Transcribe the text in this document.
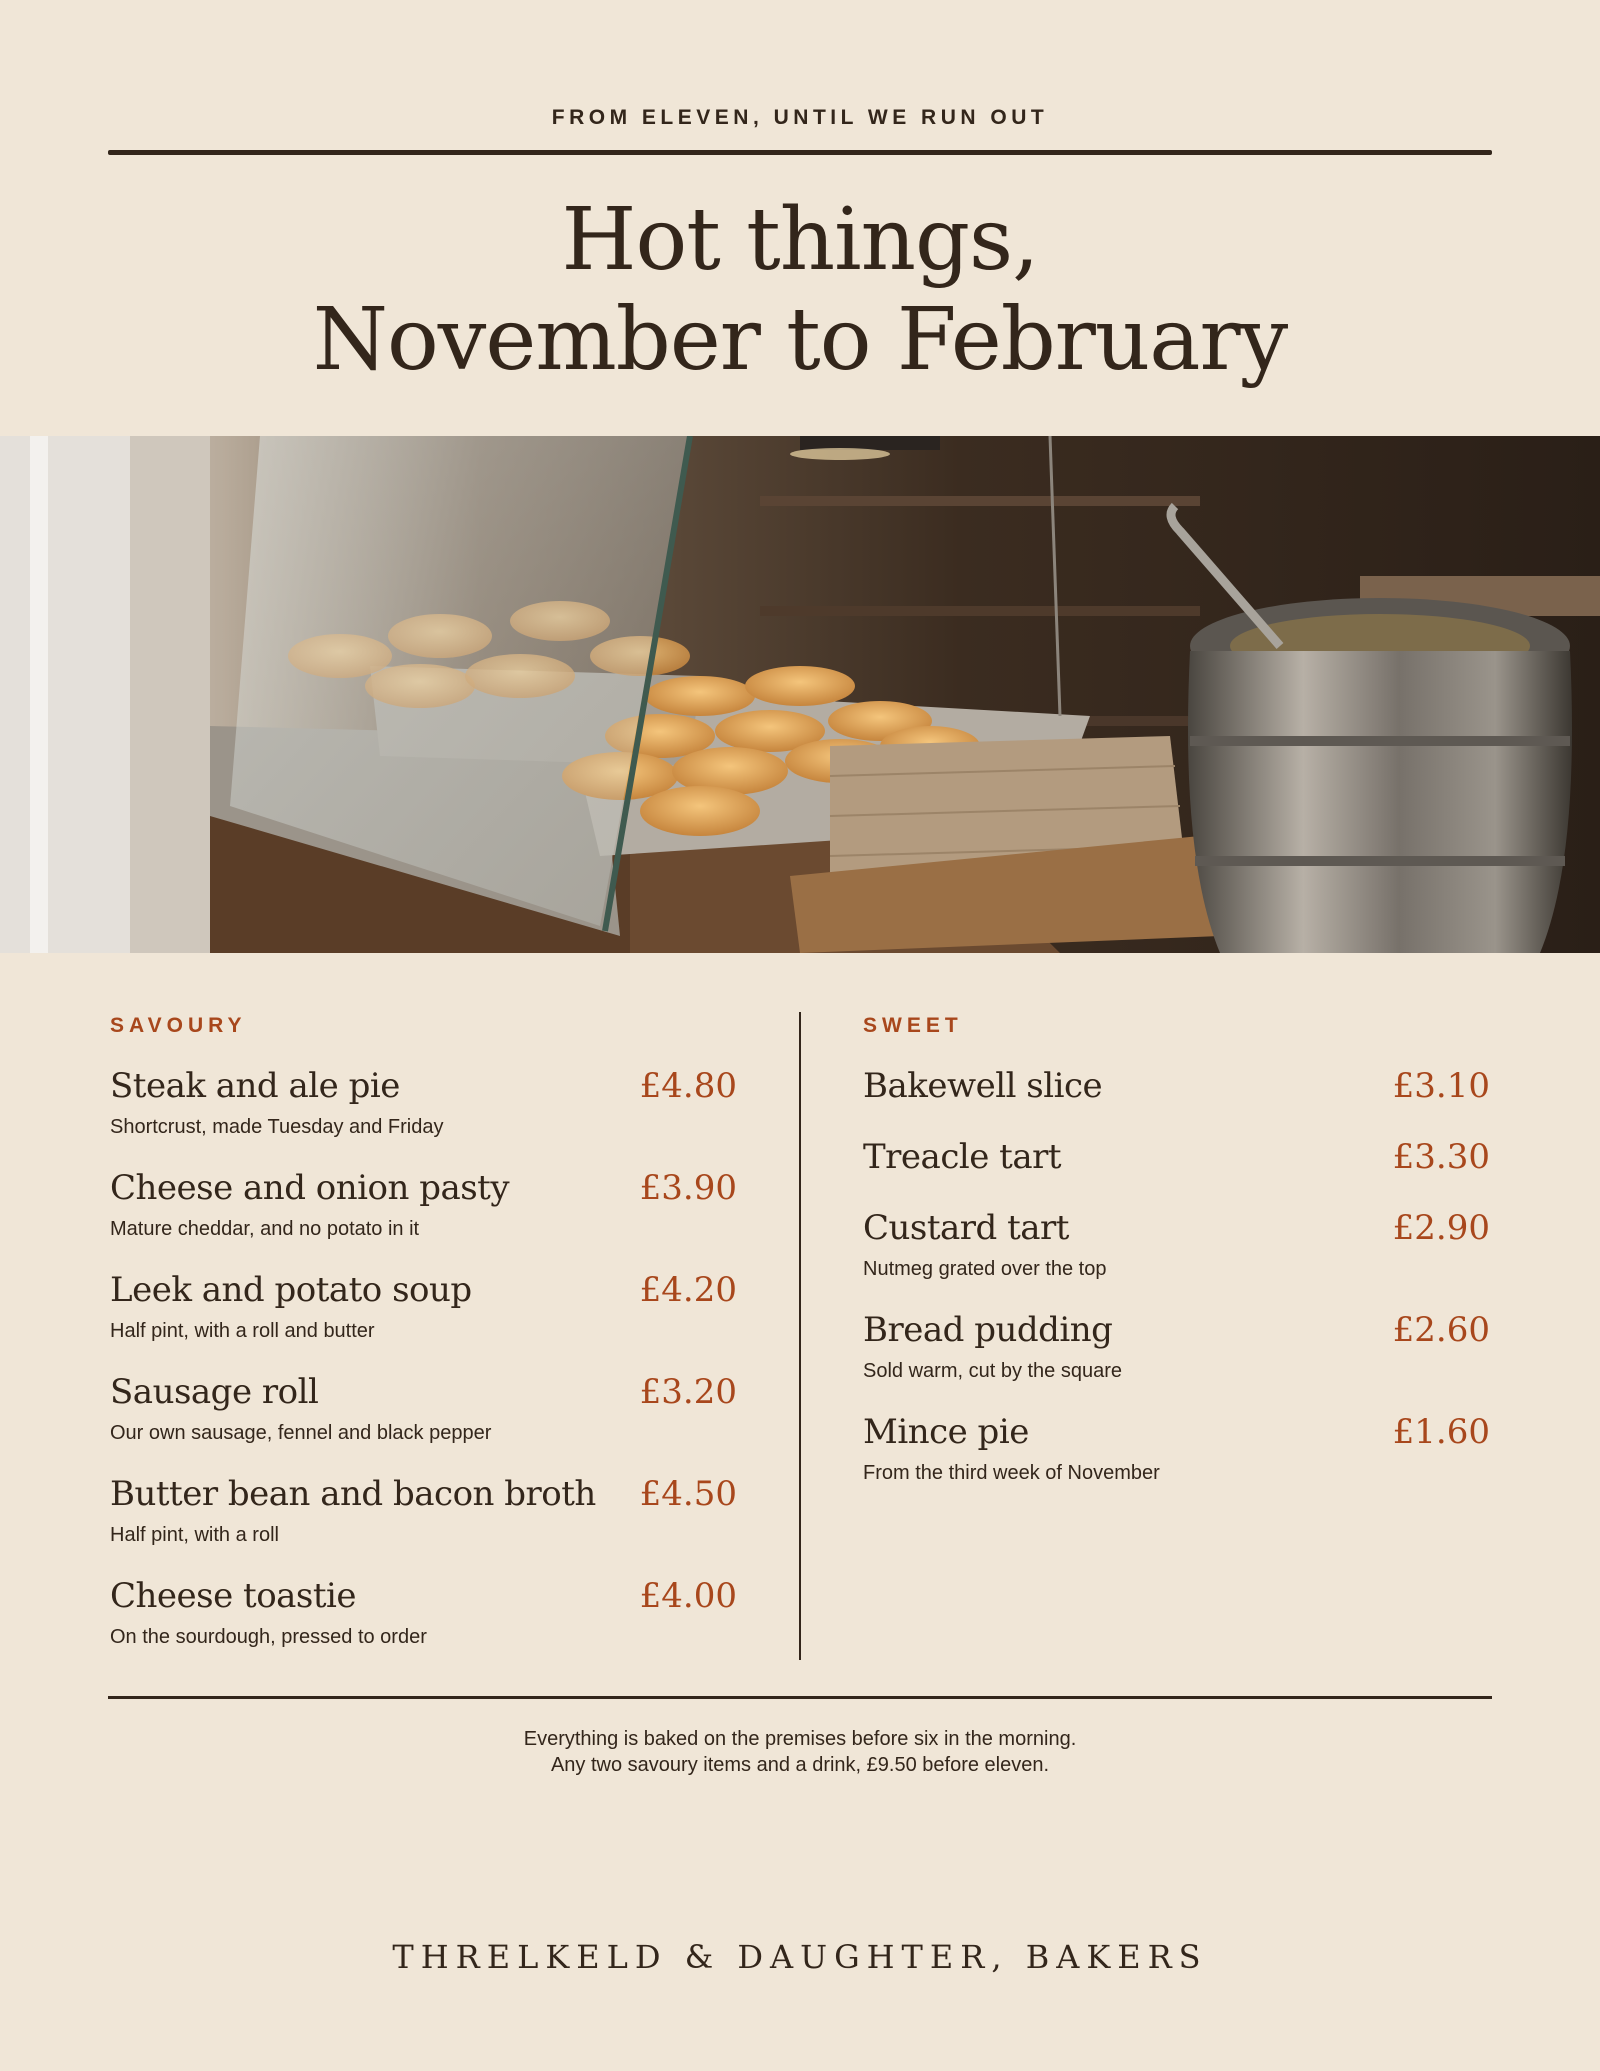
FROM ELEVEN, UNTIL WE RUN OUT
Hot things,
November to February
SAVOURY	SWEET
Steak and ale pie	£4.80
Shortcrust, made Tuesday and Friday
Cheese and onion pasty	£3.90
Mature cheddar, and no potato in it
Leek and potato soup	£4.20
Half pint, with a roll and butter
Sausage roll	£3.20
Our own sausage, fennel and black pepper
Butter bean and bacon broth £4.50
Half pint, with a roll
Cheese toastie	£4.00
On the sourdough, pressed to order
Bakewell slice	£3.10
Treacle tart	£3.30
Custard tart	£2.90
Nutmeg grated over the top
Bread pudding	£2.60
Sold warm, cut by the square
Mince pie	£1.60
From the third week of November
Everything is baked on the premises before six in the morning.
Any two savoury items and a drink, £9.50 before eleven.
THRELKELD & DAUGHTER, BAKERS
